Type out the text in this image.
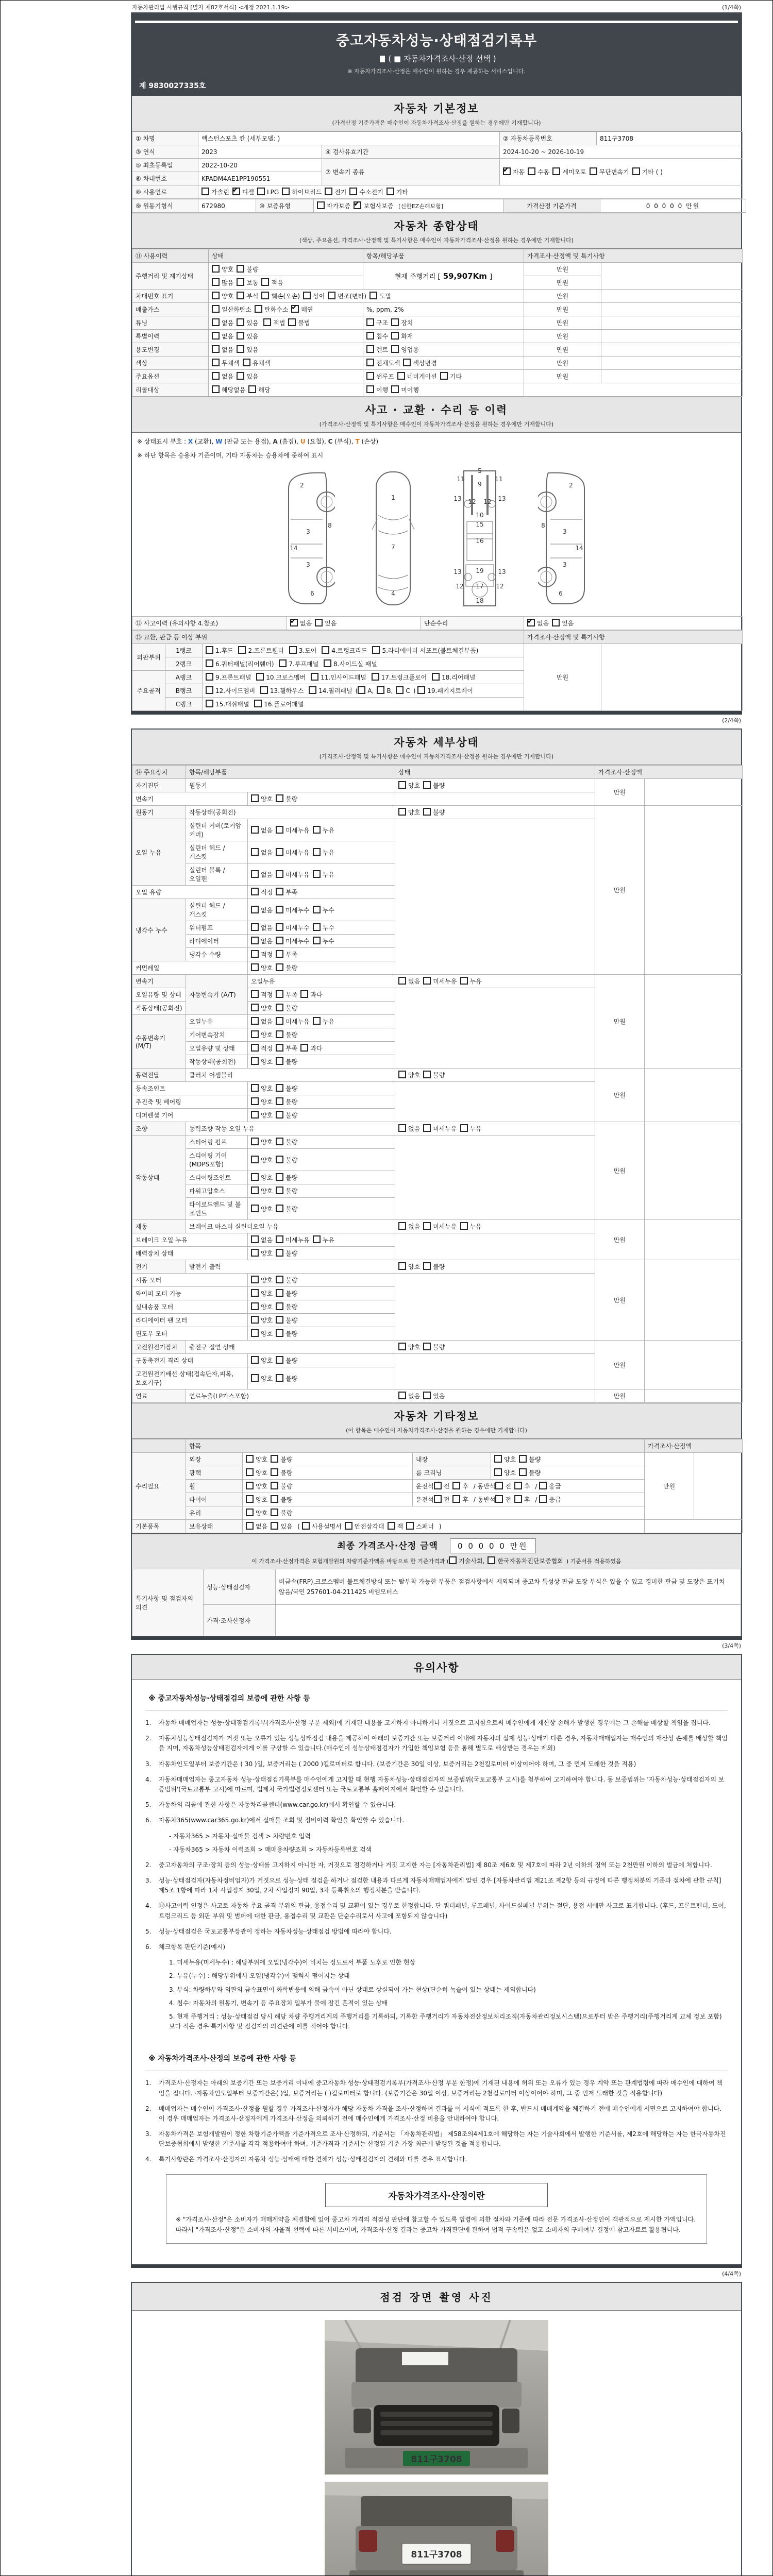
자동차관리법 시행규칙 [별지 제82호서식] <개정 2021.1.19>	(1/4쪽)
중고자동차성능·상태점검기록부
( ■ 자동차가격조사·산정 선택 )
※ 자동차가격조사·산정은 매수인이 원하는 경우 제공하는 서비스입니다.
제 9830027335호
자동차 기본정보
(가격산정 기준가격은 매수인이 자동차가격조사·산정을 원하는 경우에만 기재합니다)
① 차명	렉스턴스포츠 칸 (세부모델: )		② 자동차등록번호	811구3708
③ 연식	2023	④ 검사유효기간	2024-10-20 ~ 2026-10-19	
⑤ 최초등록일	2022-10-20	⑦ 변속기 종류	✔자동 수동 세미오토 무단변속기 기타 ( )
⑥ 차대번호	KPADM4AE1PP190551			
⑧ 사용연료	가솔린 ✔ 디젤 LPG 하이브리드 전기 수소전기 기타
⑨ 원동기형식	672980	⑩ 보증유형	자가보증 ✔ 보험사보증 [신한EZ손해보험]	가격산정 기준가격	0 0 0 0 0 만원
자동차 종합상태
(색상, 주요옵션, 가격조사·산정액 및 특기사항은 매수인이 자동차가격조사·산정을 원하는 경우에만 기재합니다)
⑪ 사용이력	상태	항목/해당부품	가격조사·산정액 및 특기사항	
주행거리 및 계기상태	양호 불량	현재 주행거리 [ 59,907Km ]	만원	
	많음 보통 적음		만원	
차대번호 표기	양호 부식 훼손(오손) 상이 변조(변타) 도말		만원	
배출가스	일산화탄소 탄화수소 ✔ 매연	%, ppm, 2%	만원	
튜닝	없음 있음 적법 불법	구조 장치	만원	
특별이력	없음 있음	침수 화재	만원	
용도변경	없음 있음	렌트 영업용	만원	
색상	무채색 유채색	전체도색 색상변경	만원	
주요옵션	없음 있음	썬루프 네비게이션 기타	만원	
리콜대상	해당없음 해당	이행 미이행		
사고 · 교환 · 수리 등 이력
(가격조사·산정액 및 특기사항은 매수인이 자동차가격조사·산정을 원하는 경우에만 기재합니다)
※ 상태표시 부호 : X (교환), W (판금 또는 용접), A (흠집), U (요철), C (부식), T (손상)
※ 하단 항목은 승용차 기준이며, 기타 자동차는 승용차에 준하여 표시
2
8
3
14
3
6
1
7
4
9
11	11
13	13
12 12
10
15
16
13	13
19
12	12
17
18
5
2
8
3
14
3
6
⑫ 사고이력 (유의사항 4.참조)	✔없음 있음	단순수리	✔없음 있음
⑬ 교환, 판금 등 이상 부위			가격조사·산정액 및 특기사항	
외판부위	1랭크	1.후드 2.프론트휀더 3.도어 4.트렁크리드 5.라디에이터 서포트(볼트체결부품)	만원	
	2랭크	6.쿼터패널(리어휀더) 7.루프패널 8.사이드실 패널		
주요골격	A랭크	9.프론트패널 10.크로스멤버 11.인사이드패널 17.트렁크플로어 18.리어패널		
	B랭크	12.사이드멤버 13.휠하우스 14.필러패널 ( A, B, C ) 19.패키지트레이		
	C랭크	15.대쉬패널 16.플로어패널		
(2/4쪽)
자동차 세부상태
(가격조사·산정액 및 특기사항은 매수인이 자동차가격조사·산정을 원하는 경우에만 기재합니다)
⑭ 주요장치	항목/해당부품		상태	가격조사·산정액	
자기진단	원동기		양호 불량	만원	
변속기		양호 불량			
원동기	작동상태(공회전)		양호 불량	만원	
오일 누유	실린더 커버(로커암 커버)	없음 미세누유 누유			
	실린더 헤드 / 개스킷	없음 미세누유 누유			
	실린더 블록 / 오일팬	없음 미세누유 누유			
오일 유량		적정 부족			
냉각수 누수	실린더 헤드 / 개스킷	없음 미세누수 누수			
	워터펌프	없음 미세누수 누수			
	라디에이터	없음 미세누수 누수			
	냉각수 수량	적정 부족			
커먼레일		양호 불량			
변속기	자동변속기 (A/T)	오일누유	없음 미세누유 누유	만원	
오일유량 및 상태		적정 부족 과다			
작동상태(공회전)		양호 불량			
수동변속기 (M/T)	오일누유	없음 미세누유 누유			
	기어변속장치	양호 불량			
	오일유량 및 상태	적정 부족 과다			
	작동상태(공회전)	양호 불량			
동력전달	클러치 어셈블리		양호 불량	만원	
등속조인트		양호 불량			
추진축 및 베어링		양호 불량			
디퍼렌셜 기어		양호 불량			
조향	동력조향 작동 오일 누유		없음 미세누유 누유	만원	
작동상태	스티어링 펌프	양호 불량			
	스티어링 기어(MDPS포함)	양호 불량			
	스티어링조인트	양호 불량			
	파워고압호스	양호 불량			
	타이로드엔드 및 볼 조인트	양호 불량			
제동	브레이크 마스터 실린더오일 누유		없음 미세누유 누유	만원	
브레이크 오일 누유		없음 미세누유 누유			
배력장치 상태		양호 불량			
전기	발전기 출력		양호 불량	만원	
시동 모터		양호 불량			
와이퍼 모터 기능		양호 불량			
실내송풍 모터		양호 불량			
라디에이터 팬 모터		양호 불량			
윈도우 모터		양호 불량			
고전원전기장치	충전구 절연 상태		양호 불량	만원	
구동축전지 격리 상태		양호 불량			
고전원전기배선 상태(접속단자,피복,보호기구)		양호 불량			
연료	연료누출(LP가스포함)		없음 있음	만원	
자동차 기타정보
(이 항목은 매수인이 자동차가격조사·산정을 원하는 경우에만 기재합니다)
	항목				가격조사·산정액	
수리필요	외장	양호 불량	내장	양호 불량	만원	
	광택	양호 불량	룸 크리닝	양호 불량		
	휠	양호 불량	운전석 전 후 / 동반석 전 후 / 응급			
	타이어	양호 불량	운전석 전 후 / 동반석 전 후 / 응급			
	유리	양호 불량				
기본품목	보유상태	없음 있음 ( 사용설명서 안전삼각대 잭 스패너 )				
최종 가격조사·산정 금액	0 0 0 0 0 만원
이 가격조사·산정가격은 보험개발원의 차량기준가액을 바탕으로 한 기준가격과 ( 기술사회, 한국자동차진단보증협회 ) 기준서를 적용하였음
특기사항 및 점검자의 의견	성능·상태점검자	비금속(FRP),크로스멤버 볼트체결방식 또는 탈부착 가능한 부품은 점검사항에서 제외되며 중고차 특성상 판금 도장 부식은 있을 수 있고 경미한 판금 및 도장은 표기치 않음/국민 257601-04-211425 비엠모터스
	가격·조사산정자	
(3/4쪽)
유의사항
※ 중고자동차성능·상태점검의 보증에 관한 사항 등
1.	자동차 매매업자는 성능·상태점검기록부(가격조사·산정 부분 제외)에 기재된 내용을 고지하지 아니하거나 거짓으로 고지함으로써 매수인에게 재산상 손해가 발생한 경우에는 그 손해를 배상할 책임을 집니다.
2.	자동차성능상태점검자가 거짓 또는 오류가 있는 성능상태점검 내용을 제공하여 아래의 보증기간 또는 보증거리 이내에 자동차의 실제 성능·상태가 다른 경우, 자동차매매업자는 매수인의 재산상 손해를 배상할 책임을 지며, 자동차성능상태점검자에게 이를 구상할 수 있습니다.(매수인이 성능상태점검자가 가입한 책임보험 등을 통해 별도로 배상받는 경우는 제외)
3.	자동차인도일부터 보증기간은 ( 30 )일, 보증거리는 ( 2000 )킬로미터로 합니다. (보증기간은 30일 이상, 보증거리는 2천킬로미터 이상이어야 하며, 그 중 먼저 도래한 것을 적용)
4.	자동차매매업자는 중고자동차 성능·상태점검기록부를 매수인에게 고지할 때 현행 자동차성능·상태점검자의 보증범위(국토교통부 고시)를 첨부하여 고지하여야 합니다. 동 보증범위는 '자동차성능·상태점검자의 보증범위'(국토교통부 고시)에 따르며, 법제처 국가법령정보센터 또는 국토교통부 홈페이지에서 확인할 수 있습니다.
5.	자동차의 리콜에 관한 사항은 자동차리콜센터(www.car.go.kr)에서 확인할 수 있습니다.
6.	자동차365(www.car365.go.kr)에서 실매물 조회 및 정비이력 확인을 확인할 수 있습니다.
- 자동차365 > 자동차·실매물 검색 > 차량번호 입력
- 자동차365 > 자동차 이력조회 > 매매용차량조회 > 자동차등록번호 검색
2.	중고자동차의 구조·장치 등의 성능·상태를 고지하지 아니한 자, 거짓으로 점검하거나 거짓 고지한 자는 [자동차관리법] 제 80조 제6호 및 제7호에 따라 2년 이하의 징역 또는 2천만원 이하의 벌금에 처합니다.
3.	성능·상태점검자(자동차정비업자)가 거짓으로 성능·상태 점검을 하거나 점검한 내용과 다르게 자동차매매업자에게 알린 경우 [자동차관리법 제21조 제2항 등의 규정에 따른 행정처분의 기준과 절차에 관한 규칙] 제5조 1항에 따라 1차 사업정지 30일, 2차 사업정지 90일, 3차 등록취소의 행정처분을 받습니다.
4.	⑫사고이력 인정은 사고로 자동차 주요 골격 부위의 판금, 용접수리 및 교환이 있는 경우로 한정합니다. 단 쿼터패널, 루프패널, 사이드실패널 부위는 절단, 용접 시에만 사고로 표기합니다. (후드, 프론트펜더, 도어, 트렁크리드 등 외판 부위 및 범퍼에 대한 판금, 용접수리 및 교환은 단순수리로서 사고에 포함되지 않습니다)
5.	성능·상태점검은 국토교통부장관이 정하는 자동차성능·상태점검 방법에 따라야 합니다.
6.	체크항목 판단기준(예시)
1. 미세누유(미세누수) : 해당부위에 오일(냉각수)이 비치는 정도로서 부품 노후로 인한 현상
2. 누유(누수) : 해당부위에서 오일(냉각수)이 맺혀서 떨어지는 상태
3. 부식: 차량하부와 외판의 금속표면이 화학반응에 의해 금속이 아닌 상태로 상실되어 가는 현상(단순히 녹슬어 있는 상태는 제외합니다)
4. 침수: 자동차의 원동기, 변속기 등 주요장치 일부가 물에 잠긴 흔적이 있는 상태
5. 현재 주행거리 : 성능·상태점검 당시 해당 차량 주행거리계의 주행거리를 기록하되, 기록한 주행거리가 자동차전산정보처리조직(자동차관리정보시스템)으로부터 받은 주행거리(주행거리계 교체 정보 포함)보다 적은 경우 특기사항 및 점검자의 의견란에 이를 적어야 합니다.
※ 자동차가격조사·산정의 보증에 관한 사항 등
1.	가격조사·산정자는 아래의 보증기간 또는 보증거리 이내에 중고자동차 성능·상태점검기록부(가격조사·산정 부분 한정)에 기재된 내용에 허위 또는 오류가 있는 경우 계약 또는 관계법령에 따라 매수인에 대하여 책임을 집니다. ·자동차인도일부터 보증기간은( )일, 보증거리는 ( )킬로미터로 합니다. (보증기간은 30일 이상, 보증거리는 2천킬로미터 이상이어야 하며, 그 중 먼저 도래한 것을 적용합니다)
2.	매매업자는 매수인이 가격조사·산정을 원할 경우 가격조사·산정자가 해당 자동차 가격을 조사·산정하여 결과를 이 서식에 적도록 한 후, 반드시 매매계약을 체결하기 전에 매수인에게 서면으로 고지하여야 합니다. 이 경우 매매업자는 가격조사·산정자에게 가격조사·산정을 의뢰하기 전에 매수인에게 가격조사·산정 비용을 안내하여야 합니다.
3.	자동차가격은 보험개발원이 정한 차량기준가액을 기준가격으로 조사·산정하되, 기준서는 「자동차관리법」 제58조의4제1호에 해당하는 자는 기술사회에서 발행한 기준서를, 제2호에 해당하는 자는 한국자동차진단보증협회에서 발행한 기준서를 각각 적용하여야 하며, 기준가격과 기준서는 산정일 기준 가장 최근에 발행된 것을 적용합니다.
4.	특기사항란은 가격조사·산정자의 자동차 성능·상태에 대한 견해가 성능·상태점검자의 견해와 다를 경우 표시합니다.
자동차가격조사·산정이란
※ "가격조사·산정"은 소비자가 매매계약을 체결함에 있어 중고차 가격의 적절성 판단에 참고할 수 있도록 법령에 의한 절차와 기준에 따라 전문 가격조사·산정인이 객관적으로 제시한 가액입니다. 따라서 "가격조사·산정"은 소비자의 자율적 선택에 따른 서비스이며, 가격조사·산정 결과는 중고차 가격판단에 관하여 법적 구속력은 없고 소비자의 구매여부 결정에 참고자료로 활용됩니다.
(4/4쪽)
점검 장면 촬영 사진
811구3708
811구3708
